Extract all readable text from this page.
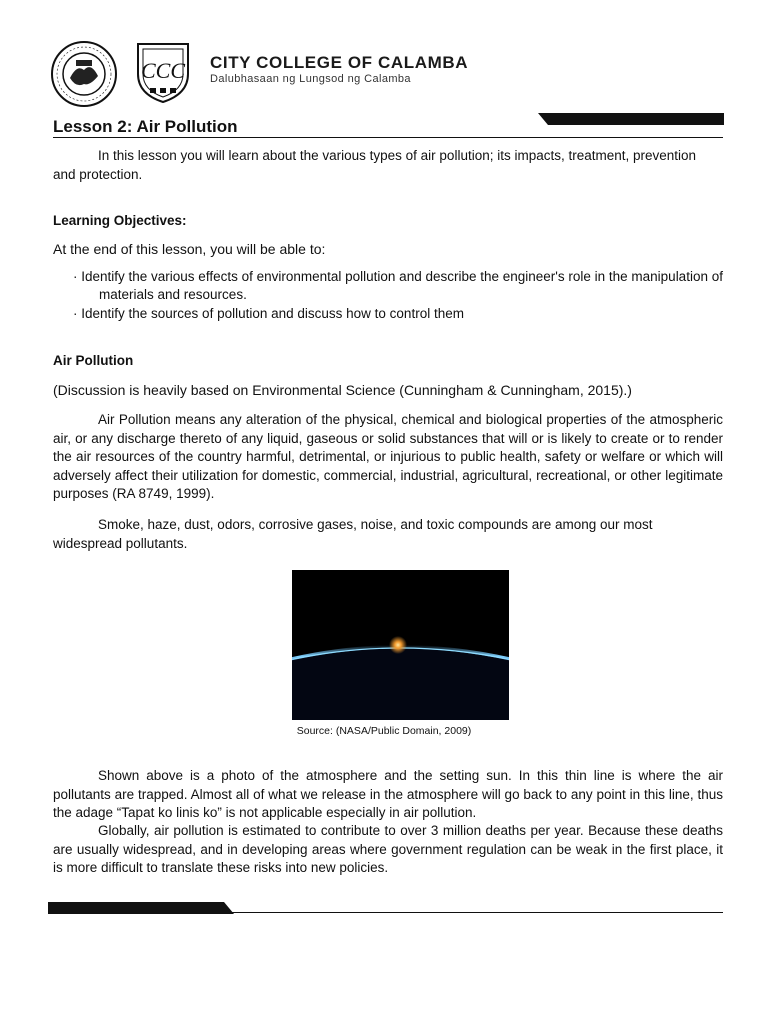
CCC CITY COLLEGE OF CALAMBA
Dalubhasaan ng Lungsod ng Calamba
Lesson 2: Air Pollution
In this lesson you will learn about the various types of air pollution; its impacts, treatment, prevention and protection.
Learning Objectives:
At the end of this lesson, you will be able to:
· Identify the various effects of environmental pollution and describe the engineer's role in the manipulation of materials and resources.
· Identify the sources of pollution and discuss how to control them
Air Pollution
(Discussion is heavily based on Environmental Science (Cunningham & Cunningham, 2015).)
Air Pollution means any alteration of the physical, chemical and biological properties of the atmospheric air, or any discharge thereto of any liquid, gaseous or solid substances that will or is likely to create or to render the air resources of the country harmful, detrimental, or injurious to public health, safety or welfare or which will adversely affect their utilization for domestic, commercial, industrial, agricultural, recreational, or other legitimate purposes (RA 8749, 1999).
Smoke, haze, dust, odors, corrosive gases, noise, and toxic compounds are among our most widespread pollutants.
Source: (NASA/Public Domain, 2009)
Shown above is a photo of the atmosphere and the setting sun. In this thin line is where the air pollutants are trapped. Almost all of what we release in the atmosphere will go back to any point in this line, thus the adage “Tapat ko linis ko” is not applicable especially in air pollution.
Globally, air pollution is estimated to contribute to over 3 million deaths per year. Because these deaths are usually widespread, and in developing areas where government regulation can be weak in the first place, it is more difficult to translate these risks into new policies.
